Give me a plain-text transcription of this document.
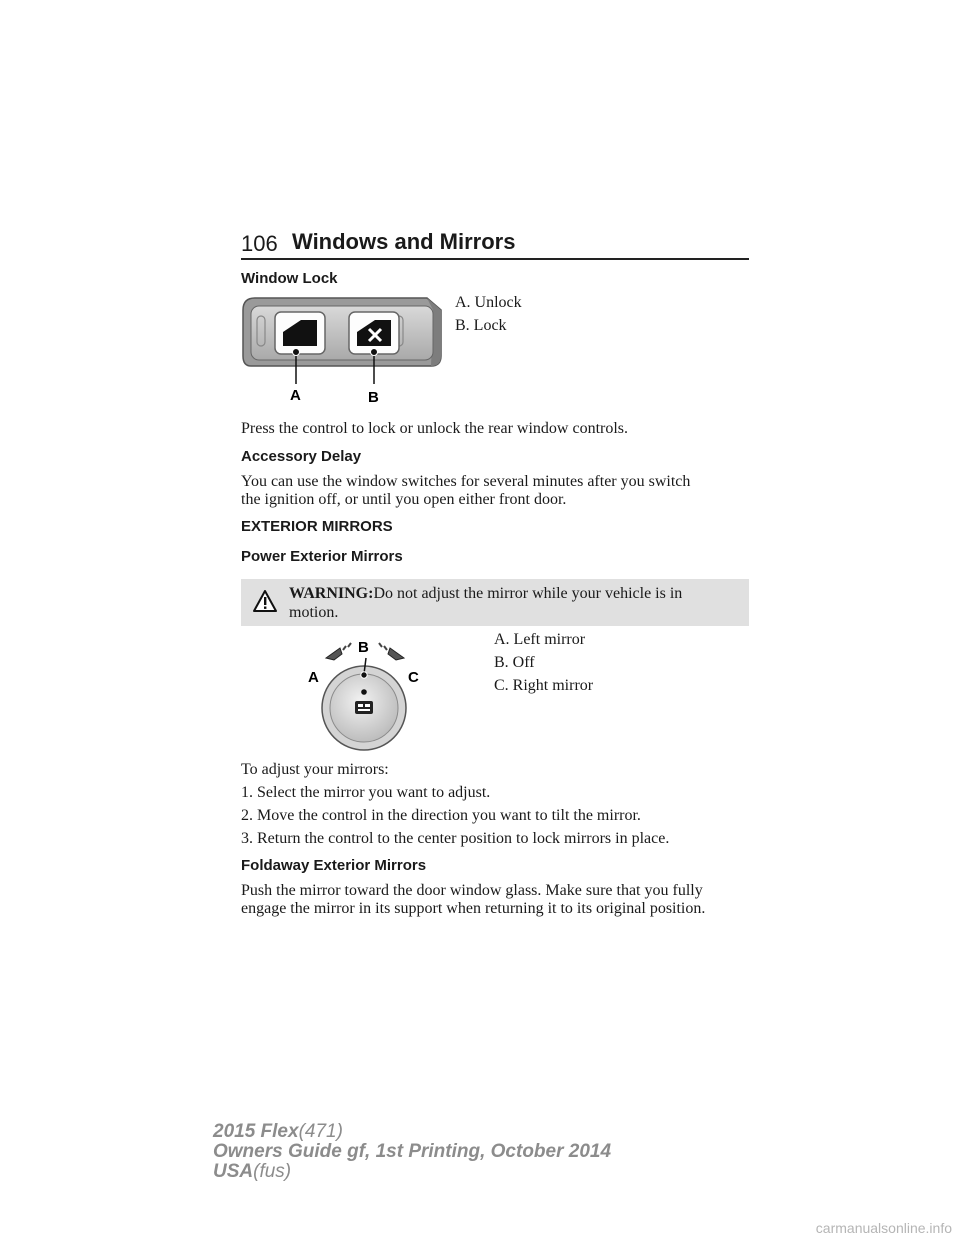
106 Windows and Mirrors
Window Lock
A	B
A. Unlock
B. Lock
Press the control to lock or unlock the rear window controls.
Accessory Delay
You can use the window switches for several minutes after you switch
the ignition off, or until you open either front door.
EXTERIOR MIRRORS
Power Exterior Mirrors
WARNING:Do not adjust the mirror while your vehicle is in
motion.
B
A	C
A. Left mirror
B. Off
C. Right mirror
To adjust your mirrors:
1. Select the mirror you want to adjust.
2. Move the control in the direction you want to tilt the mirror.
3. Return the control to the center position to lock mirrors in place.
Foldaway Exterior Mirrors
Push the mirror toward the door window glass. Make sure that you fully
engage the mirror in its support when returning it to its original position.
2015 Flex(471)
Owners Guide gf, 1st Printing, October 2014
USA(fus)
carmanualsonline.info
